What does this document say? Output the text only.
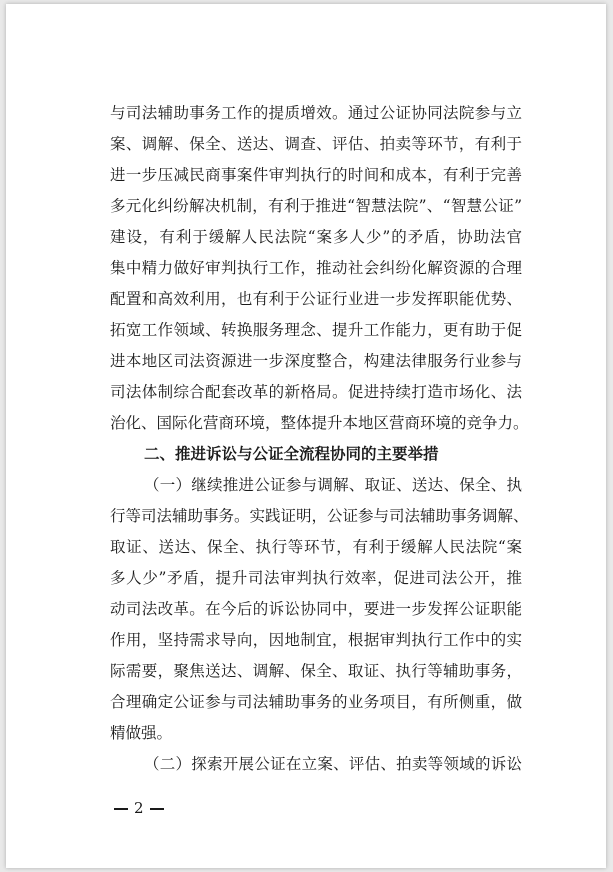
与司法辅助事务工作的提质增效。通过公证协同法院参与立
案、调解、保全、送达、调查、评估、拍卖等环节，有利于
进一步压减民商事案件审判执行的时间和成本，有利于完善
多元化纠纷解决机制，有利于推进“智慧法院”、“智慧公证”
建设，有利于缓解人民法院“案多人少”的矛盾，协助法官
集中精力做好审判执行工作，推动社会纠纷化解资源的合理
配置和高效利用，也有利于公证行业进一步发挥职能优势、
拓宽工作领域、转换服务理念、提升工作能力，更有助于促
进本地区司法资源进一步深度整合，构建法律服务行业参与
司法体制综合配套改革的新格局。促进持续打造市场化、法
治化、国际化营商环境，整体提升本地区营商环境的竞争力。
二、推进诉讼与公证全流程协同的主要举措
（一）继续推进公证参与调解、取证、送达、保全、执
行等司法辅助事务。实践证明，公证参与司法辅助事务调解、
取证、送达、保全、执行等环节，有利于缓解人民法院“案
多人少”矛盾，提升司法审判执行效率，促进司法公开，推
动司法改革。在今后的诉讼协同中，要进一步发挥公证职能
作用，坚持需求导向，因地制宜，根据审判执行工作中的实
际需要，聚焦送达、调解、保全、取证、执行等辅助事务，
合理确定公证参与司法辅助事务的业务项目，有所侧重，做
精做强。
（二）探索开展公证在立案、评估、拍卖等领域的诉讼
2
